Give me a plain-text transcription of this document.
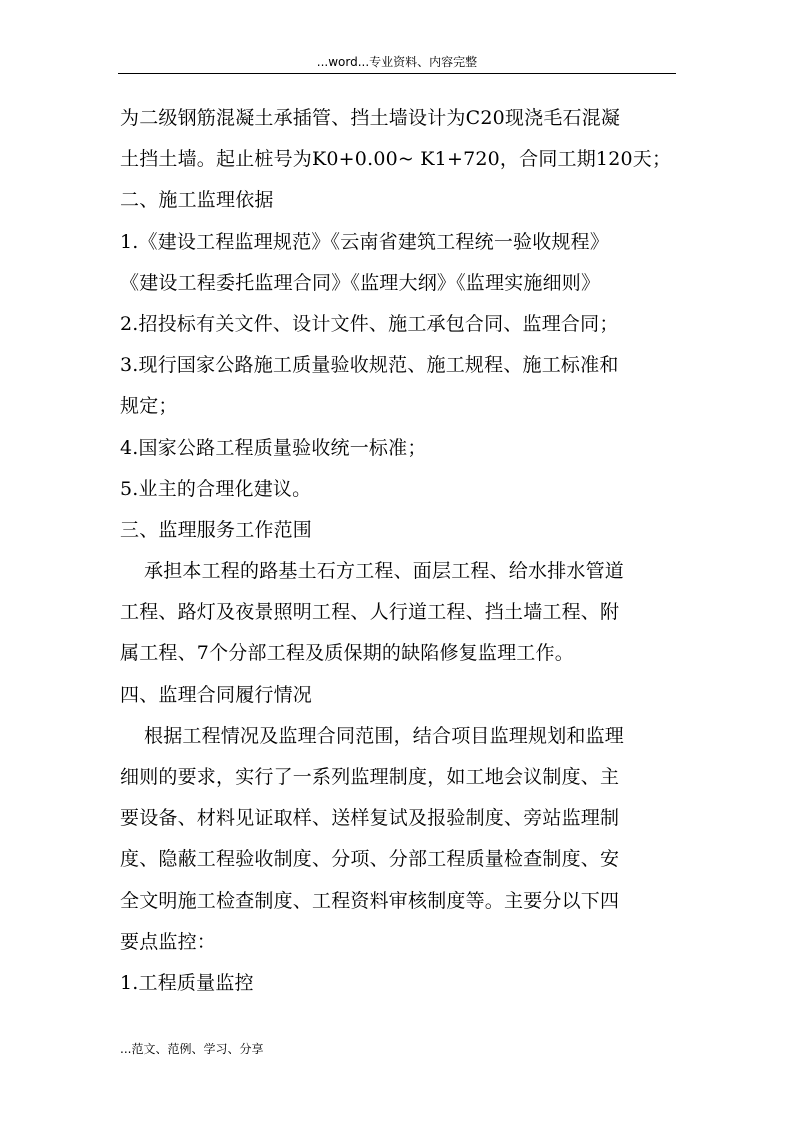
...word...专业资料、内容完整
为二级钢筋混凝土承插管、挡土墙设计为C20现浇毛石混凝
土挡土墙。起止桩号为K0+0.00~ K1+720，合同工期120天；
二、施工监理依据
1.《建设工程监理规范》《云南省建筑工程统一验收规程》
《建设工程委托监理合同》《监理大纲》《监理实施细则》
2.招投标有关文件、设计文件、施工承包合同、监理合同；
3.现行国家公路施工质量验收规范、施工规程、施工标准和
规定；
4.国家公路工程质量验收统一标准；
5.业主的合理化建议。
三、监理服务工作范围
承担本工程的路基土石方工程、面层工程、给水排水管道
工程、路灯及夜景照明工程、人行道工程、挡土墙工程、附
属工程、7个分部工程及质保期的缺陷修复监理工作。
四、监理合同履行情况
根据工程情况及监理合同范围，结合项目监理规划和监理
细则的要求，实行了一系列监理制度，如工地会议制度、主
要设备、材料见证取样、送样复试及报验制度、旁站监理制
度、隐蔽工程验收制度、分项、分部工程质量检查制度、安
全文明施工检查制度、工程资料审核制度等。主要分以下四
要点监控：
1.工程质量监控
...范文、范例、学习、分享
